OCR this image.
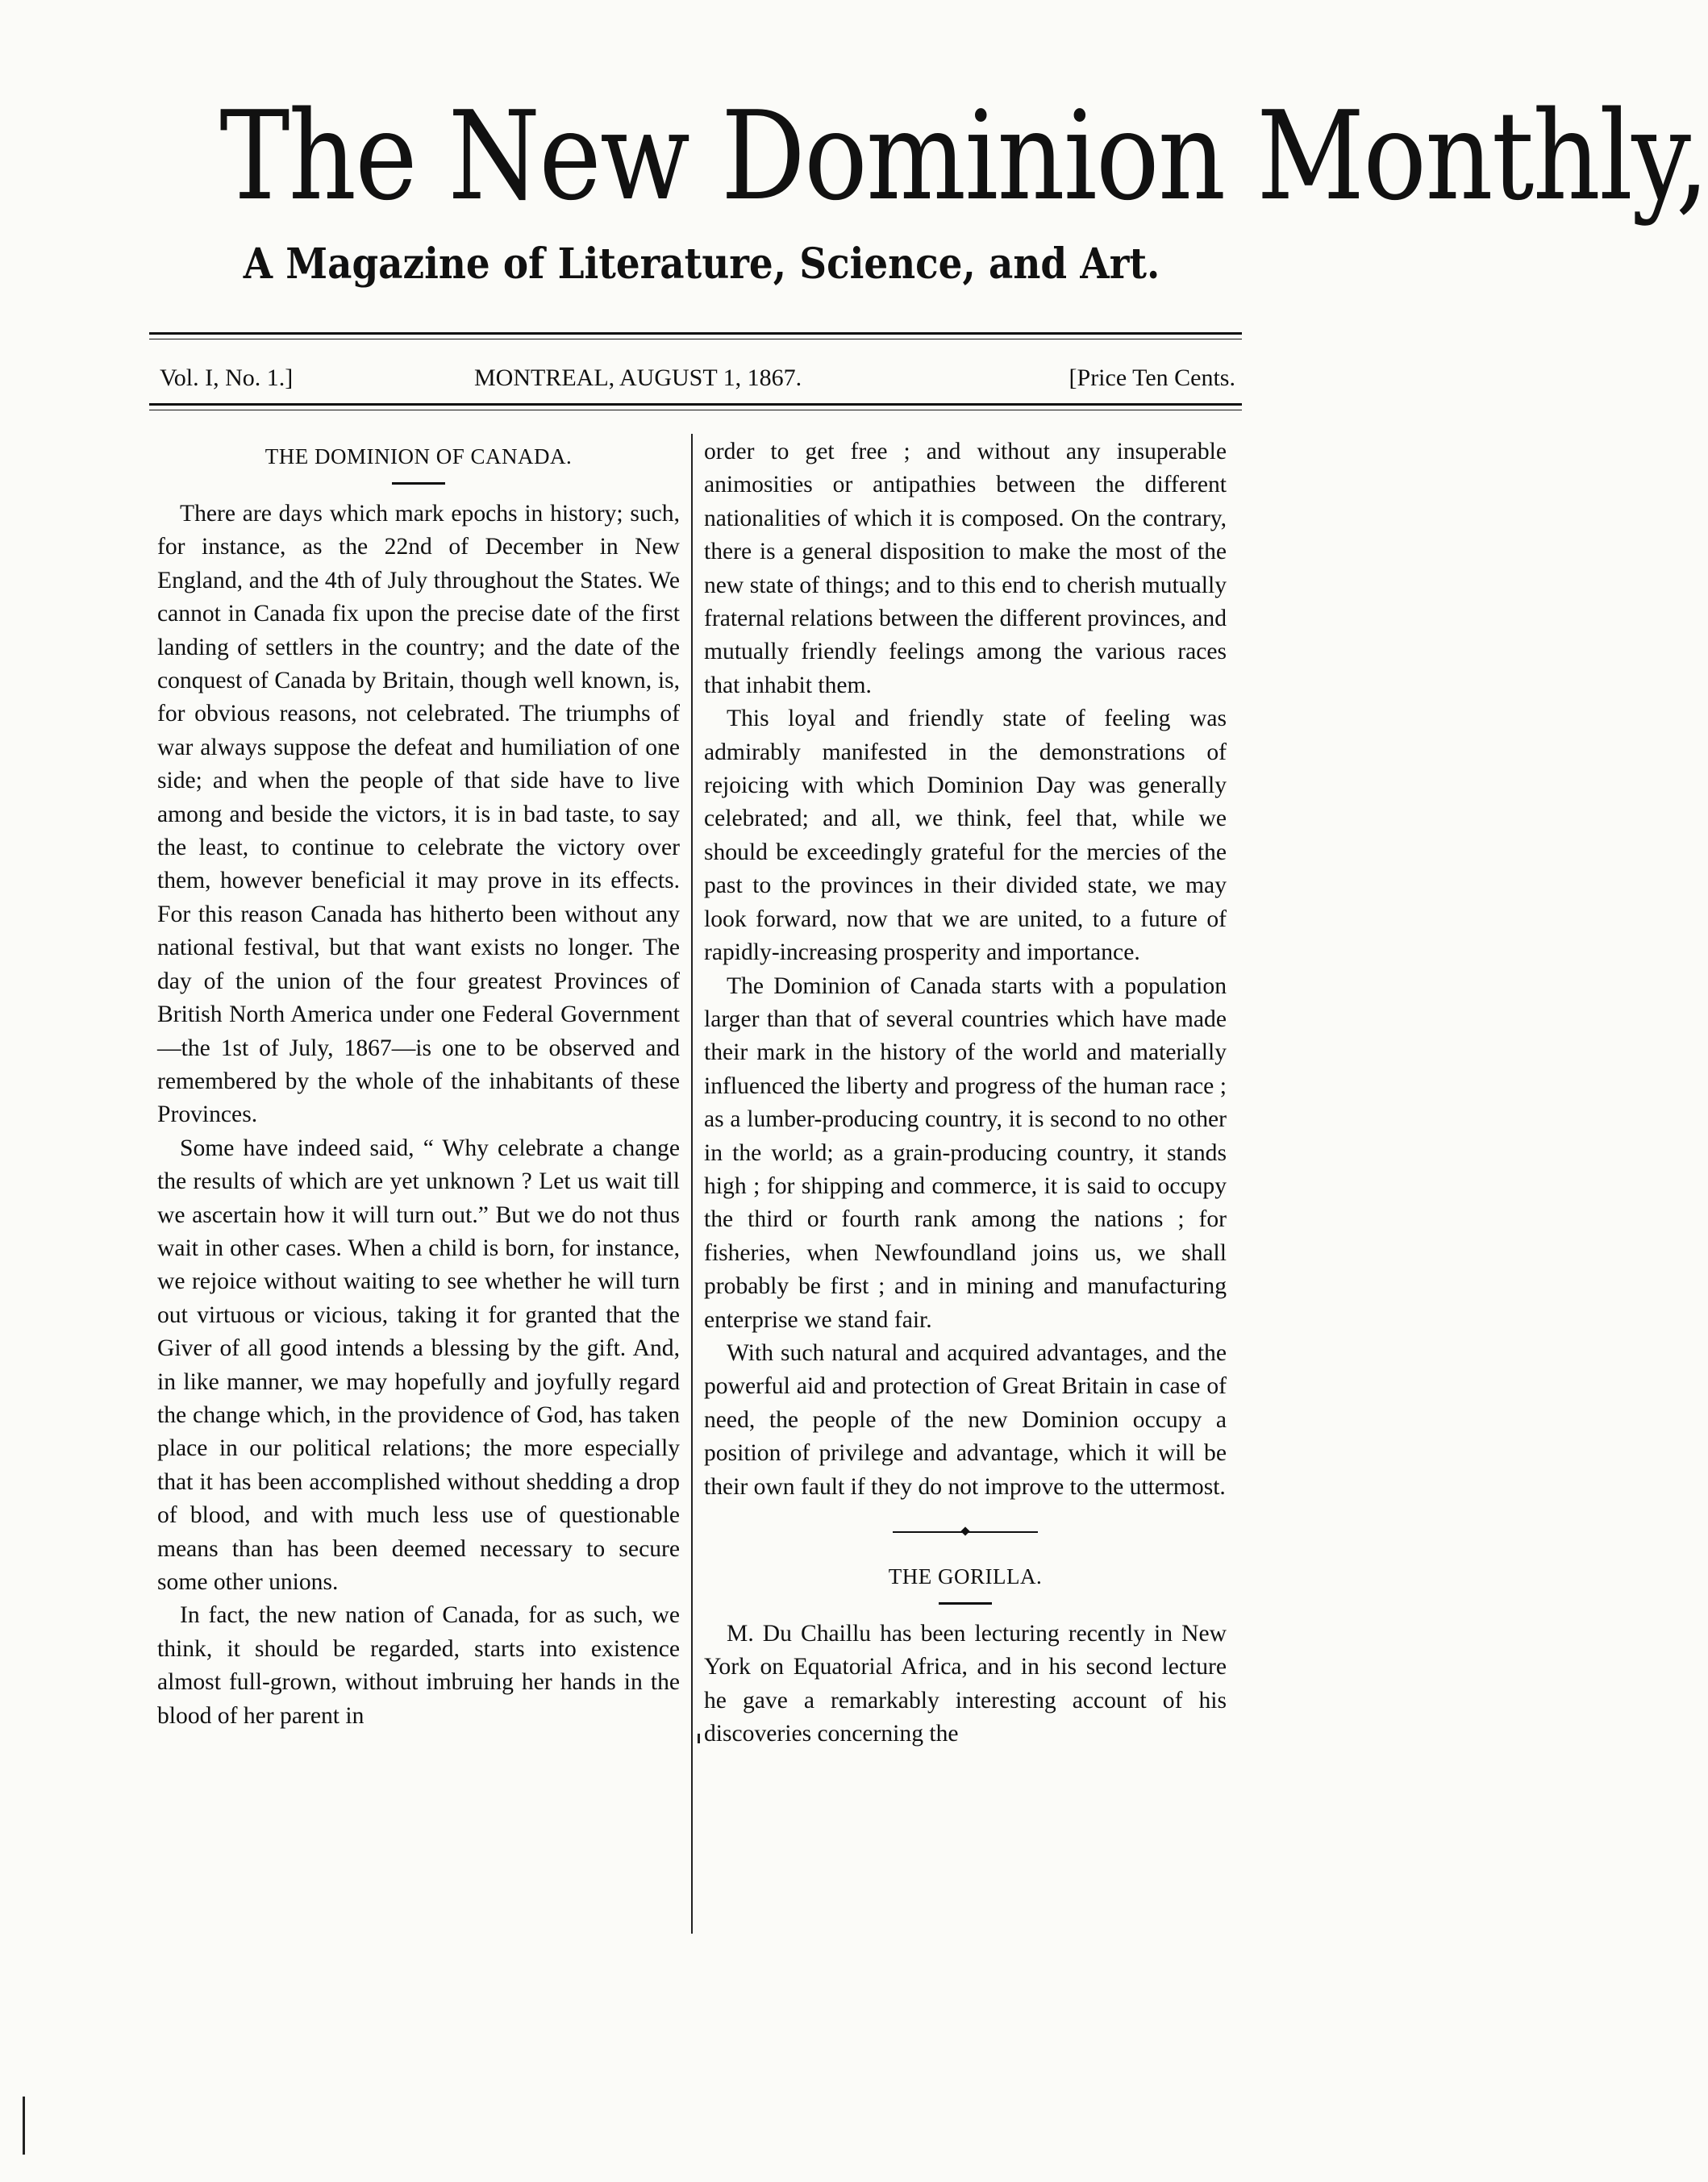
The New Dominion Monthly,
A Magazine of Literature, Science, and Art.
Vol. I, No. 1.]	MONTREAL, AUGUST 1, 1867.	[Price Ten Cents.
THE DOMINION OF CANADA.

There are days which mark epochs in history; such, for instance, as the 22nd of December in New England, and the 4th of July throughout the States. We cannot in Canada fix upon the precise date of the first landing of settlers in the country; and the date of the conquest of Canada by Britain, though well known, is, for obvious reasons, not celebrated. The triumphs of war always suppose the defeat and humiliation of one side; and when the people of that side have to live among and beside the victors, it is in bad taste, to say the least, to continue to celebrate the victory over them, however beneficial it may prove in its effects. For this reason Canada has hitherto been without any national festival, but that want exists no longer. The day of the union of the four greatest Provinces of British North America under one Federal Government—the 1st of July, 1867—is one to be observed and remembered by the whole of the inhabitants of these Provinces.

Some have indeed said, “ Why celebrate a change the results of which are yet unknown ? Let us wait till we ascertain how it will turn out.” But we do not thus wait in other cases. When a child is born, for instance, we rejoice without waiting to see whether he will turn out virtuous or vicious, taking it for granted that the Giver of all good intends a blessing by the gift. And, in like manner, we may hopefully and joyfully regard the change which, in the providence of God, has taken place in our political relations; the more especially that it has been accomplished without shedding a drop of blood, and with much less use of questionable means than has been deemed necessary to secure some other unions.

In fact, the new nation of Canada, for as such, we think, it should be regarded, starts into existence almost full-grown, without imbruing her hands in the blood of her parent in

order to get free ; and without any insuperable animosities or antipathies between the different nationalities of which it is composed. On the contrary, there is a general disposition to make the most of the new state of things; and to this end to cherish mutually fraternal relations between the different provinces, and mutually friendly feelings among the various races that inhabit them.

This loyal and friendly state of feeling was admirably manifested in the demonstrations of rejoicing with which Dominion Day was generally celebrated; and all, we think, feel that, while we should be exceedingly grateful for the mercies of the past to the provinces in their divided state, we may look forward, now that we are united, to a future of rapidly-increasing prosperity and importance.

The Dominion of Canada starts with a population larger than that of several countries which have made their mark in the history of the world and materially influenced the liberty and progress of the human race ; as a lumber-producing country, it is second to no other in the world; as a grain-producing country, it stands high ; for shipping and commerce, it is said to occupy the third or fourth rank among the nations ; for fisheries, when Newfoundland joins us, we shall probably be first ; and in mining and manufacturing enterprise we stand fair.

With such natural and acquired advantages, and the powerful aid and protection of Great Britain in case of need, the people of the new Dominion occupy a position of privilege and advantage, which it will be their own fault if they do not improve to the uttermost.

THE GORILLA.

M. Du Chaillu has been lecturing recently in New York on Equatorial Africa, and in his second lecture he gave a remarkably interesting account of his discoveries concerning the
